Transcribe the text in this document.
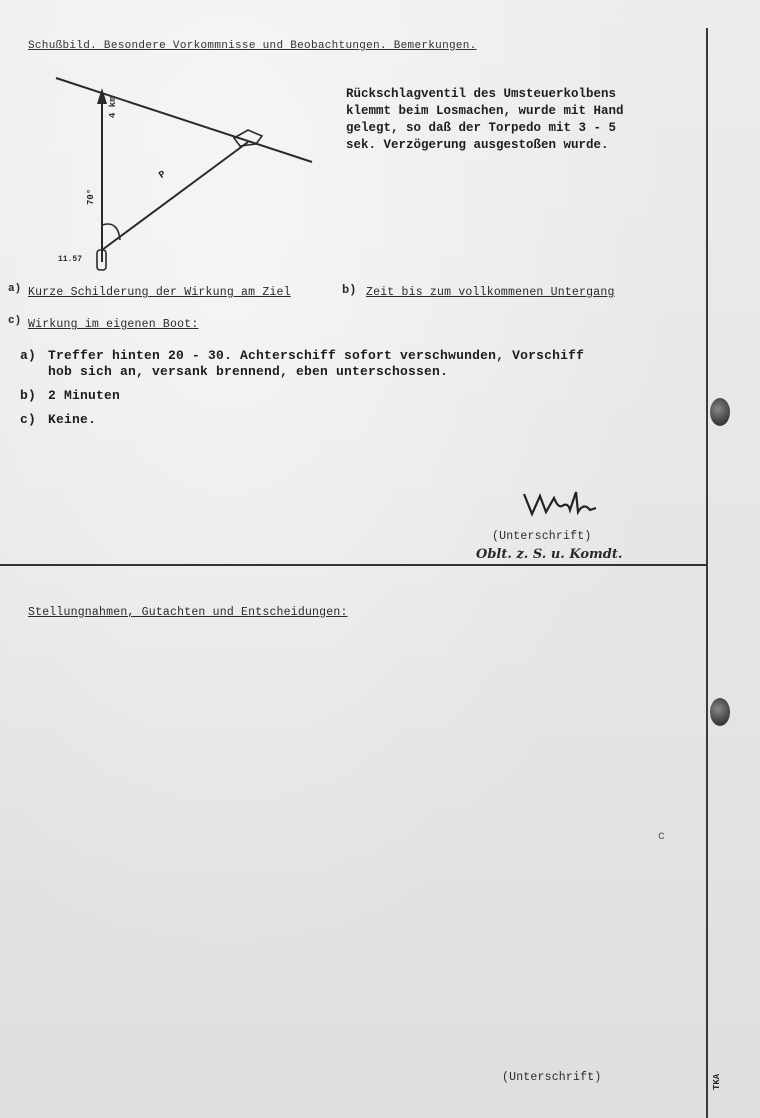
Schußbild. Besondere Vorkommnisse und Beobachtungen. Bemerkungen.
11.57
4 km
70°
P
Rückschlagventil des Umsteuerkolbens
klemmt beim Losmachen, wurde mit Hand
gelegt, so daß der Torpedo mit 3 - 5
sek. Verzögerung ausgestoßen wurde.
a) Kurze Schilderung der Wirkung am Ziel	b) Zeit bis zum vollkommenen Untergang
c) Wirkung im eigenen Boot:
a) Treffer hinten 20 - 30. Achterschiff sofort verschwunden, Vorschiff
hob sich an, versank brennend, eben unterschossen.
b) 2 Minuten
c) Keine.
(Unterschrift)
Oblt. z. S. u. Komdt.
Stellungnahmen, Gutachten und Entscheidungen:
c
(Unterschrift)	TKA
